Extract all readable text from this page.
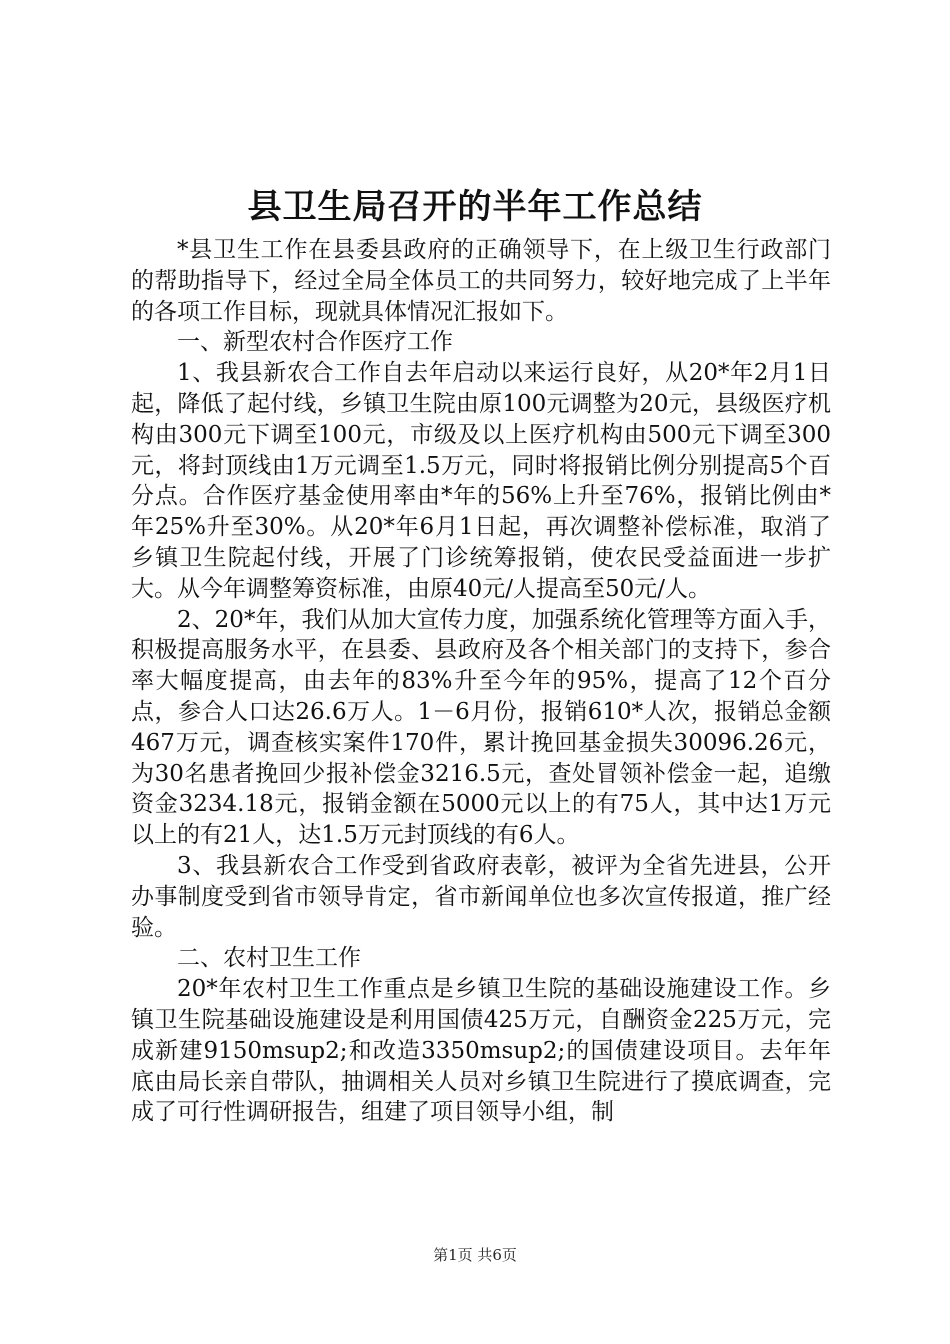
县卫生局召开的半年工作总结

*县卫生工作在县委县政府的正确领导下，在上级卫生行政部门的帮助指导下，经过全局全体员工的共同努力，较好地完成了上半年的各项工作目标，现就具体情况汇报如下。

一、新型农村合作医疗工作

1、我县新农合工作自去年启动以来运行良好，从20*年2月1日起，降低了起付线，乡镇卫生院由原100元调整为20元，县级医疗机构由300元下调至100元，市级及以上医疗机构由500元下调至300元，将封顶线由1万元调至1.5万元，同时将报销比例分别提高5个百分点。合作医疗基金使用率由*年的56%上升至76%，报销比例由*年25%升至30%。从20*年6月1日起，再次调整补偿标准，取消了乡镇卫生院起付线，开展了门诊统筹报销，使农民受益面进一步扩大。从今年调整筹资标准，由原40元/人提高至50元/人。

2、20*年，我们从加大宣传力度，加强系统化管理等方面入手，积极提高服务水平，在县委、县政府及各个相关部门的支持下，参合率大幅度提高，由去年的83%升至今年的95%，提高了12个百分点，参合人口达26.6万人。1－6月份，报销610*人次，报销总金额467万元，调查核实案件170件，累计挽回基金损失30096.26元，为30名患者挽回少报补偿金3216.5元，查处冒领补偿金一起，追缴资金3234.18元，报销金额在5000元以上的有75人，其中达1万元以上的有21人，达1.5万元封顶线的有6人。

3、我县新农合工作受到省政府表彰，被评为全省先进县，公开办事制度受到省市领导肯定，省市新闻单位也多次宣传报道，推广经验。

二、农村卫生工作

20*年农村卫生工作重点是乡镇卫生院的基础设施建设工作。乡镇卫生院基础设施建设是利用国债425万元，自酬资金225万元，完成新建9150msup2;和改造3350msup2;的国债建设项目。去年年底由局长亲自带队，抽调相关人员对乡镇卫生院进行了摸底调查，完成了可行性调研报告，组建了项目领导小组，制

第1页 共6页
